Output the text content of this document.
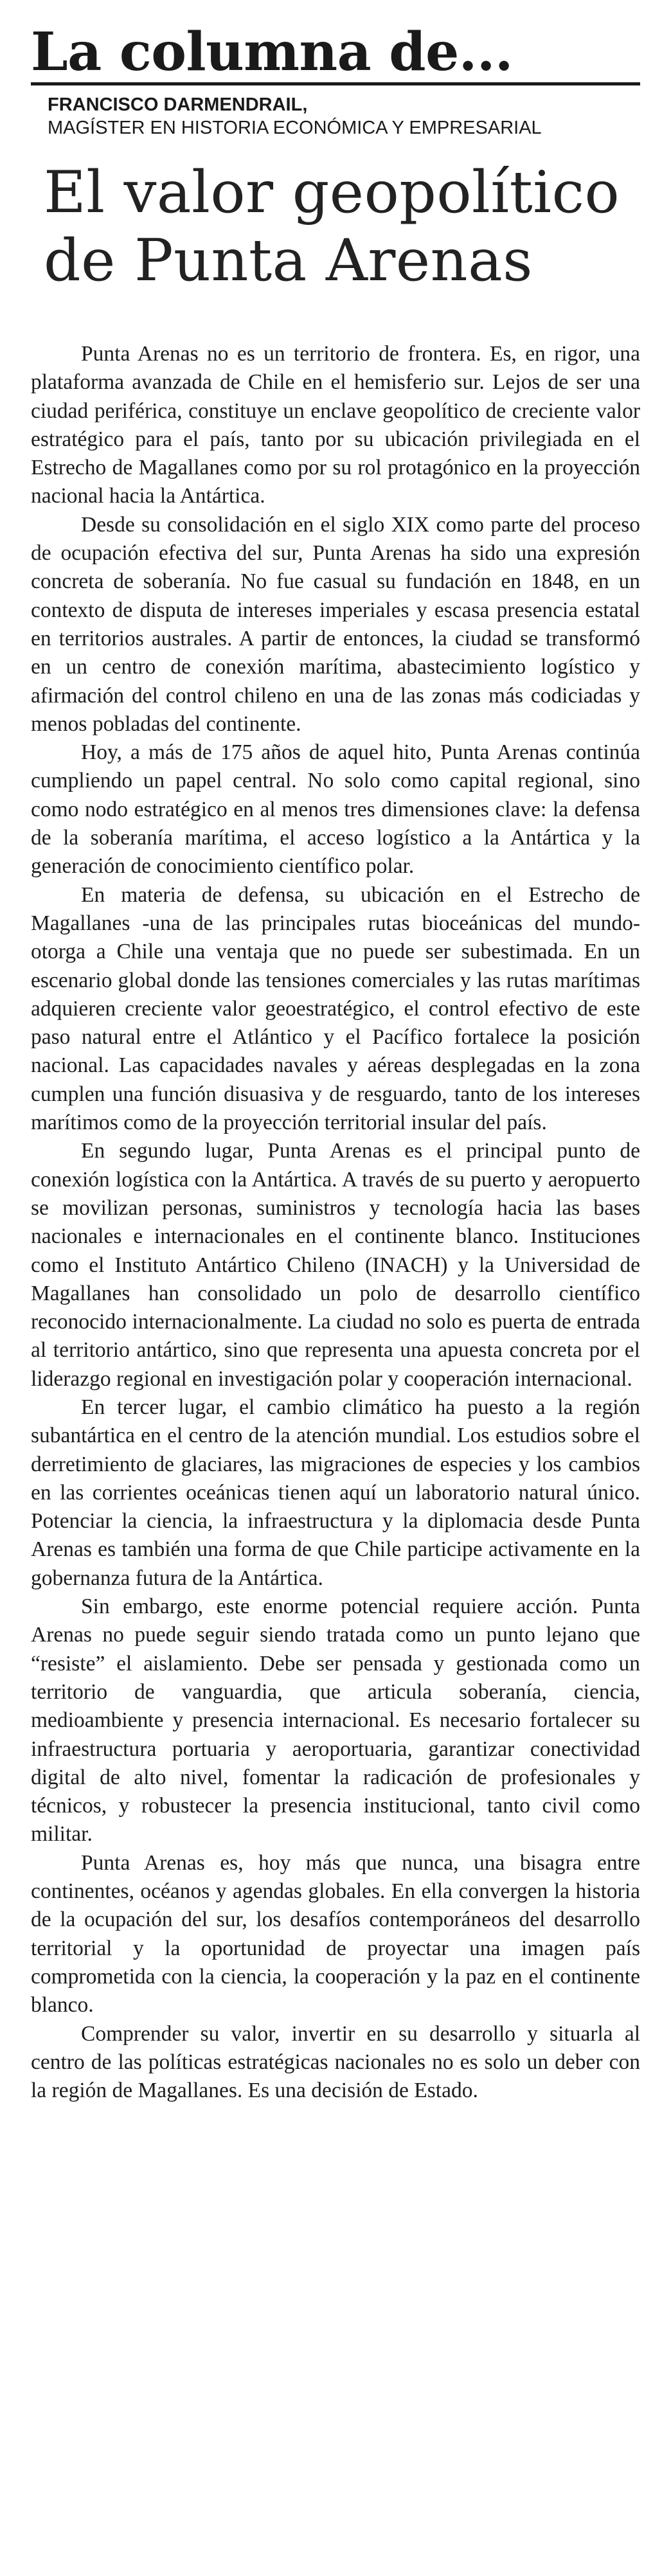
La columna de...
FRANCISCO DARMENDRAIL,
MAGÍSTER EN HISTORIA ECONÓMICA Y EMPRESARIAL
El valor geopolítico
de Punta Arenas

Punta Arenas no es un territorio de frontera. Es, en rigor, una plataforma avanzada de Chile en el hemisferio sur. Lejos de ser una ciudad periférica, constituye un enclave geopolítico de creciente valor estratégico para el país, tanto por su ubicación privilegiada en el Estrecho de Magallanes como por su rol protagónico en la proyección nacional hacia la Antártica.

Desde su consolidación en el siglo XIX como parte del proceso de ocupación efectiva del sur, Punta Arenas ha sido una expresión concreta de soberanía. No fue casual su fundación en 1848, en un contexto de disputa de intereses imperiales y escasa presencia estatal en territorios australes. A partir de entonces, la ciudad se transformó en un centro de conexión marítima, abastecimiento logístico y afirmación del control chileno en una de las zonas más codiciadas y menos pobladas del continente.

Hoy, a más de 175 años de aquel hito, Punta Arenas continúa cumpliendo un papel central. No solo como capital regional, sino como nodo estratégico en al menos tres dimensiones clave: la defensa de la soberanía marítima, el acceso logístico a la Antártica y la generación de conocimiento científico polar.

En materia de defensa, su ubicación en el Estrecho de Magallanes -una de las principales rutas bioceánicas del mundo- otorga a Chile una ventaja que no puede ser subestimada. En un escenario global donde las tensiones comerciales y las rutas marítimas adquieren creciente valor geoestratégico, el control efectivo de este paso natural entre el Atlántico y el Pacífico fortalece la posición nacional. Las capacidades navales y aéreas desplegadas en la zona cumplen una función disuasiva y de resguardo, tanto de los intereses marítimos como de la proyección territorial insular del país.

En segundo lugar, Punta Arenas es el principal punto de conexión logística con la Antártica. A través de su puerto y aeropuerto se movilizan personas, suministros y tecnología hacia las bases nacionales e internacionales en el continente blanco. Instituciones como el Instituto Antártico Chileno (INACH) y la Universidad de Magallanes han consolidado un polo de desarrollo científico reconocido internacionalmente. La ciudad no solo es puerta de entrada al territorio antártico, sino que representa una apuesta concreta por el liderazgo regional en investigación polar y cooperación internacional.

En tercer lugar, el cambio climático ha puesto a la región subantártica en el centro de la atención mundial. Los estudios sobre el derretimiento de glaciares, las migraciones de especies y los cambios en las corrientes oceánicas tienen aquí un laboratorio natural único. Potenciar la ciencia, la infraestructura y la diplomacia desde Punta Arenas es también una forma de que Chile participe activamente en la gobernanza futura de la Antártica.

Sin embargo, este enorme potencial requiere acción. Punta Arenas no puede seguir siendo tratada como un punto lejano que “resiste” el aislamiento. Debe ser pensada y gestionada como un territorio de vanguardia, que articula soberanía, ciencia, medioambiente y presencia internacional. Es necesario fortalecer su infraestructura portuaria y aeroportuaria, garantizar conectividad digital de alto nivel, fomentar la radicación de profesionales y técnicos, y robustecer la presencia institucional, tanto civil como militar.

Punta Arenas es, hoy más que nunca, una bisagra entre continentes, océanos y agendas globales. En ella convergen la historia de la ocupación del sur, los desafíos contemporáneos del desarrollo territorial y la oportunidad de proyectar una imagen país comprometida con la ciencia, la cooperación y la paz en el continente blanco.

Comprender su valor, invertir en su desarrollo y situarla al centro de las políticas estratégicas nacionales no es solo un deber con la región de Magallanes. Es una decisión de Estado.
